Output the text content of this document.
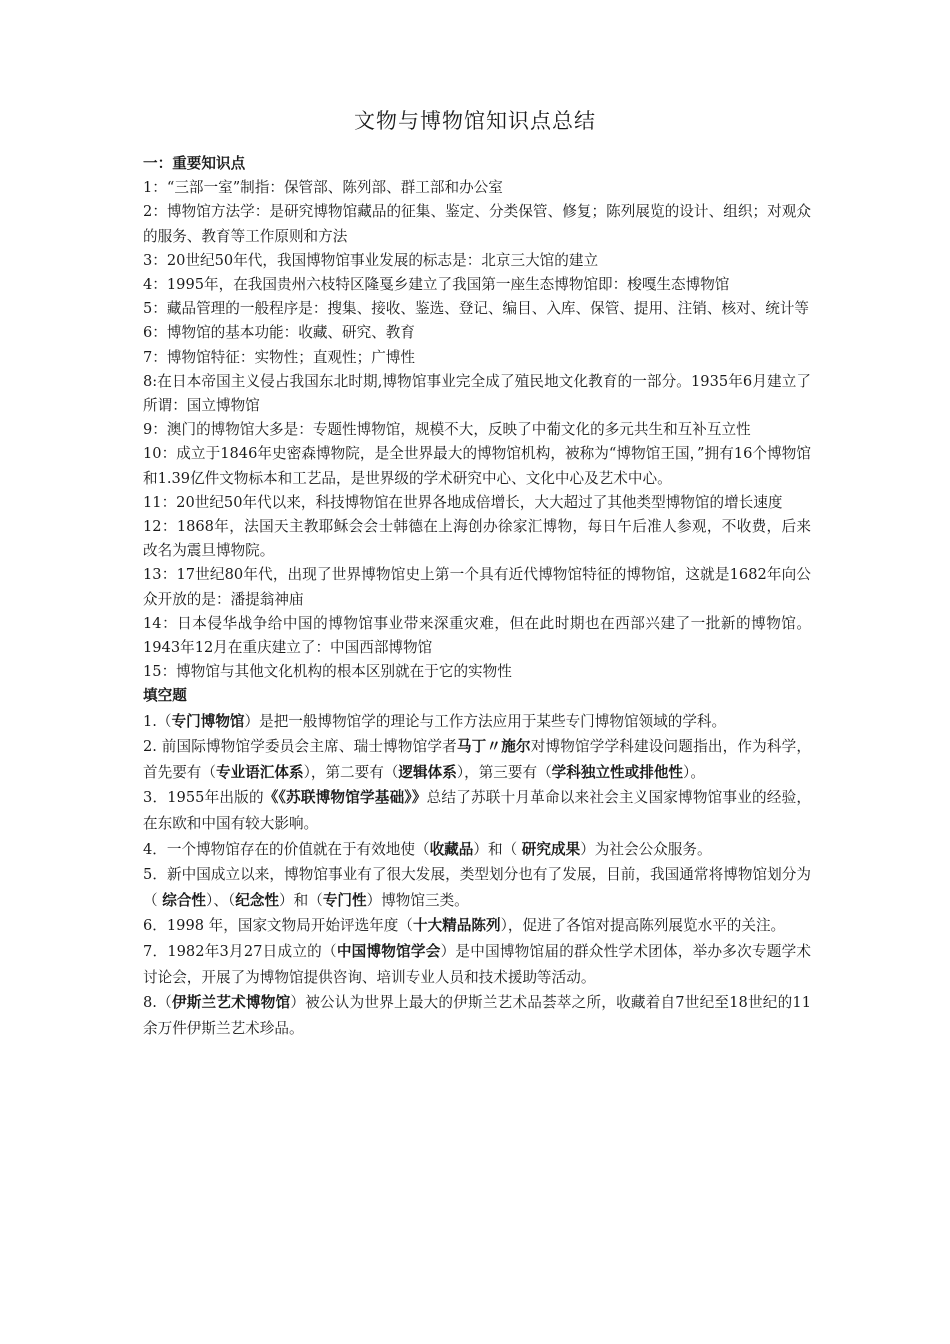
文物与博物馆知识点总结

一：重要知识点

1：“三部一室”制指：保管部、陈列部、群工部和办公室

2：博物馆方法学：是研究博物馆藏品的征集、鉴定、分类保管、修复；陈列展览的设计、组织；对观众的服务、教育等工作原则和方法

3：20世纪50年代，我国博物馆事业发展的标志是：北京三大馆的建立

4：1995年，在我国贵州六枝特区隆戛乡建立了我国第一座生态博物馆即：梭嘎生态博物馆

5：藏品管理的一般程序是：搜集、接收、鉴选、登记、编目、入库、保管、提用、注销、核对、统计等

6：博物馆的基本功能：收藏、研究、教育

7：博物馆特征：实物性；直观性；广博性

8:在日本帝国主义侵占我国东北时期,博物馆事业完全成了殖民地文化教育的一部分。1935年6月建立了所谓：国立博物馆

9：澳门的博物馆大多是：专题性博物馆，规模不大，反映了中葡文化的多元共生和互补互立性

10：成立于1846年史密森博物院，是全世界最大的博物馆机构，被称为“博物馆王国，”拥有16个博物馆和1.39亿件文物标本和工艺品，是世界级的学术研究中心、文化中心及艺术中心。

11：20世纪50年代以来，科技博物馆在世界各地成倍增长，大大超过了其他类型博物馆的增长速度

12：1868年，法国天主教耶稣会会士韩德在上海创办徐家汇博物，每日午后准人参观，不收费，后来改名为震旦博物院。

13：17世纪80年代，出现了世界博物馆史上第一个具有近代博物馆特征的博物馆，这就是1682年向公众开放的是：潘提翁神庙

14：日本侵华战争给中国的博物馆事业带来深重灾难，但在此时期也在西部兴建了一批新的博物馆。1943年12月在重庆建立了：中国西部博物馆

15：博物馆与其他文化机构的根本区别就在于它的实物性

填空题

1.（专门博物馆）是把一般博物馆学的理论与工作方法应用于某些专门博物馆领域的学科。

2. 前国际博物馆学委员会主席、瑞士博物馆学者马丁〃施尔对博物馆学学科建设问题指出，作为科学，首先要有（专业语汇体系），第二要有（逻辑体系），第三要有（学科独立性或排他性）。

3．1955年出版的《《苏联博物馆学基础》》总结了苏联十月革命以来社会主义国家博物馆事业的经验，在东欧和中国有较大影响。

4．一个博物馆存在的价值就在于有效地使（收藏品）和（ 研究成果）为社会公众服务。

5．新中国成立以来，博物馆事业有了很大发展，类型划分也有了发展，目前，我国通常将博物馆划分为（ 综合性）、（纪念性）和（专门性）博物馆三类。

6．1998 年，国家文物局开始评选年度（十大精品陈列），促进了各馆对提高陈列展览水平的关注。

7．1982年3月27日成立的（中国博物馆学会）是中国博物馆届的群众性学术团体，举办多次专题学术讨论会，开展了为博物馆提供咨询、培训专业人员和技术援助等活动。

8.（伊斯兰艺术博物馆）被公认为世界上最大的伊斯兰艺术品荟萃之所，收藏着自7世纪至18世纪的11余万件伊斯兰艺术珍品。
